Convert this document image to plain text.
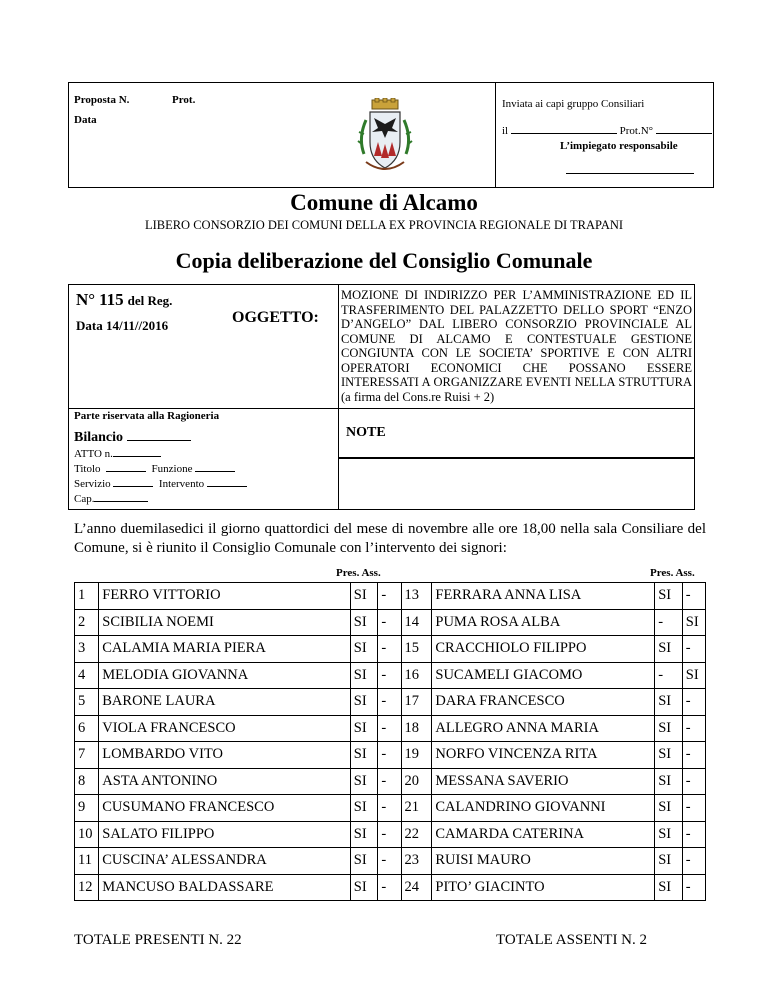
Proposta N.	Prot.
Data
Inviata ai capi gruppo Consiliari
il	Prot.N°
L’impiegato responsabile
Comune di Alcamo
LIBERO CONSORZIO DEI COMUNI DELLA EX PROVINCIA REGIONALE DI TRAPANI
Copia deliberazione del Consiglio Comunale
N° 115 del Reg.
Data 14/11//2016	OGGETTO:
MOZIONE DI INDIRIZZO PER L’AMMINISTRAZIONE ED IL TRASFERIMENTO DEL PALAZZETTO DELLO SPORT “ENZO D’ANGELO” DAL LIBERO CONSORZIO PROVINCIALE AL COMUNE DI ALCAMO E CONTESTUALE GESTIONE CONGIUNTA CON LE SOCIETA’ SPORTIVE E CON ALTRI OPERATORI ECONOMICI CHE POSSANO ESSERE INTERESSATI A ORGANIZZARE EVENTI NELLA STRUTTURA (a firma del Cons.re Ruisi + 2)
Parte riservata alla Ragioneria
Bilancio
ATTO n.
Titolo	Funzione
Servizio	Intervento
Cap.
NOTE
L’anno duemilasedici il giorno quattordici del mese di novembre alle ore 18,00 nella sala Consiliare del Comune, si è riunito il Consiglio Comunale con l’intervento dei signori:
Pres. Ass.	Pres. Ass.
1	FERRO VITTORIO	SI	-	13	FERRARA ANNA LISA	SI	-
2	SCIBILIA NOEMI	SI	-	14	PUMA ROSA ALBA	-	SI
3	CALAMIA MARIA PIERA	SI	-	15	CRACCHIOLO FILIPPO	SI	-
4	MELODIA GIOVANNA	SI	-	16	SUCAMELI GIACOMO	-	SI
5	BARONE LAURA	SI	-	17	DARA FRANCESCO	SI	-
6	VIOLA FRANCESCO	SI	-	18	ALLEGRO ANNA MARIA	SI	-
7	LOMBARDO VITO	SI	-	19	NORFO VINCENZA RITA	SI	-
8	ASTA ANTONINO	SI	-	20	MESSANA SAVERIO	SI	-
9	CUSUMANO FRANCESCO	SI	-	21	CALANDRINO GIOVANNI	SI	-
10	SALATO FILIPPO	SI	-	22	CAMARDA CATERINA	SI	-
11	CUSCINA’ ALESSANDRA	SI	-	23	RUISI MAURO	SI	-
12	MANCUSO BALDASSARE	SI	-	24	PITO’ GIACINTO	SI	-
TOTALE PRESENTI N. 22	TOTALE ASSENTI N. 2
